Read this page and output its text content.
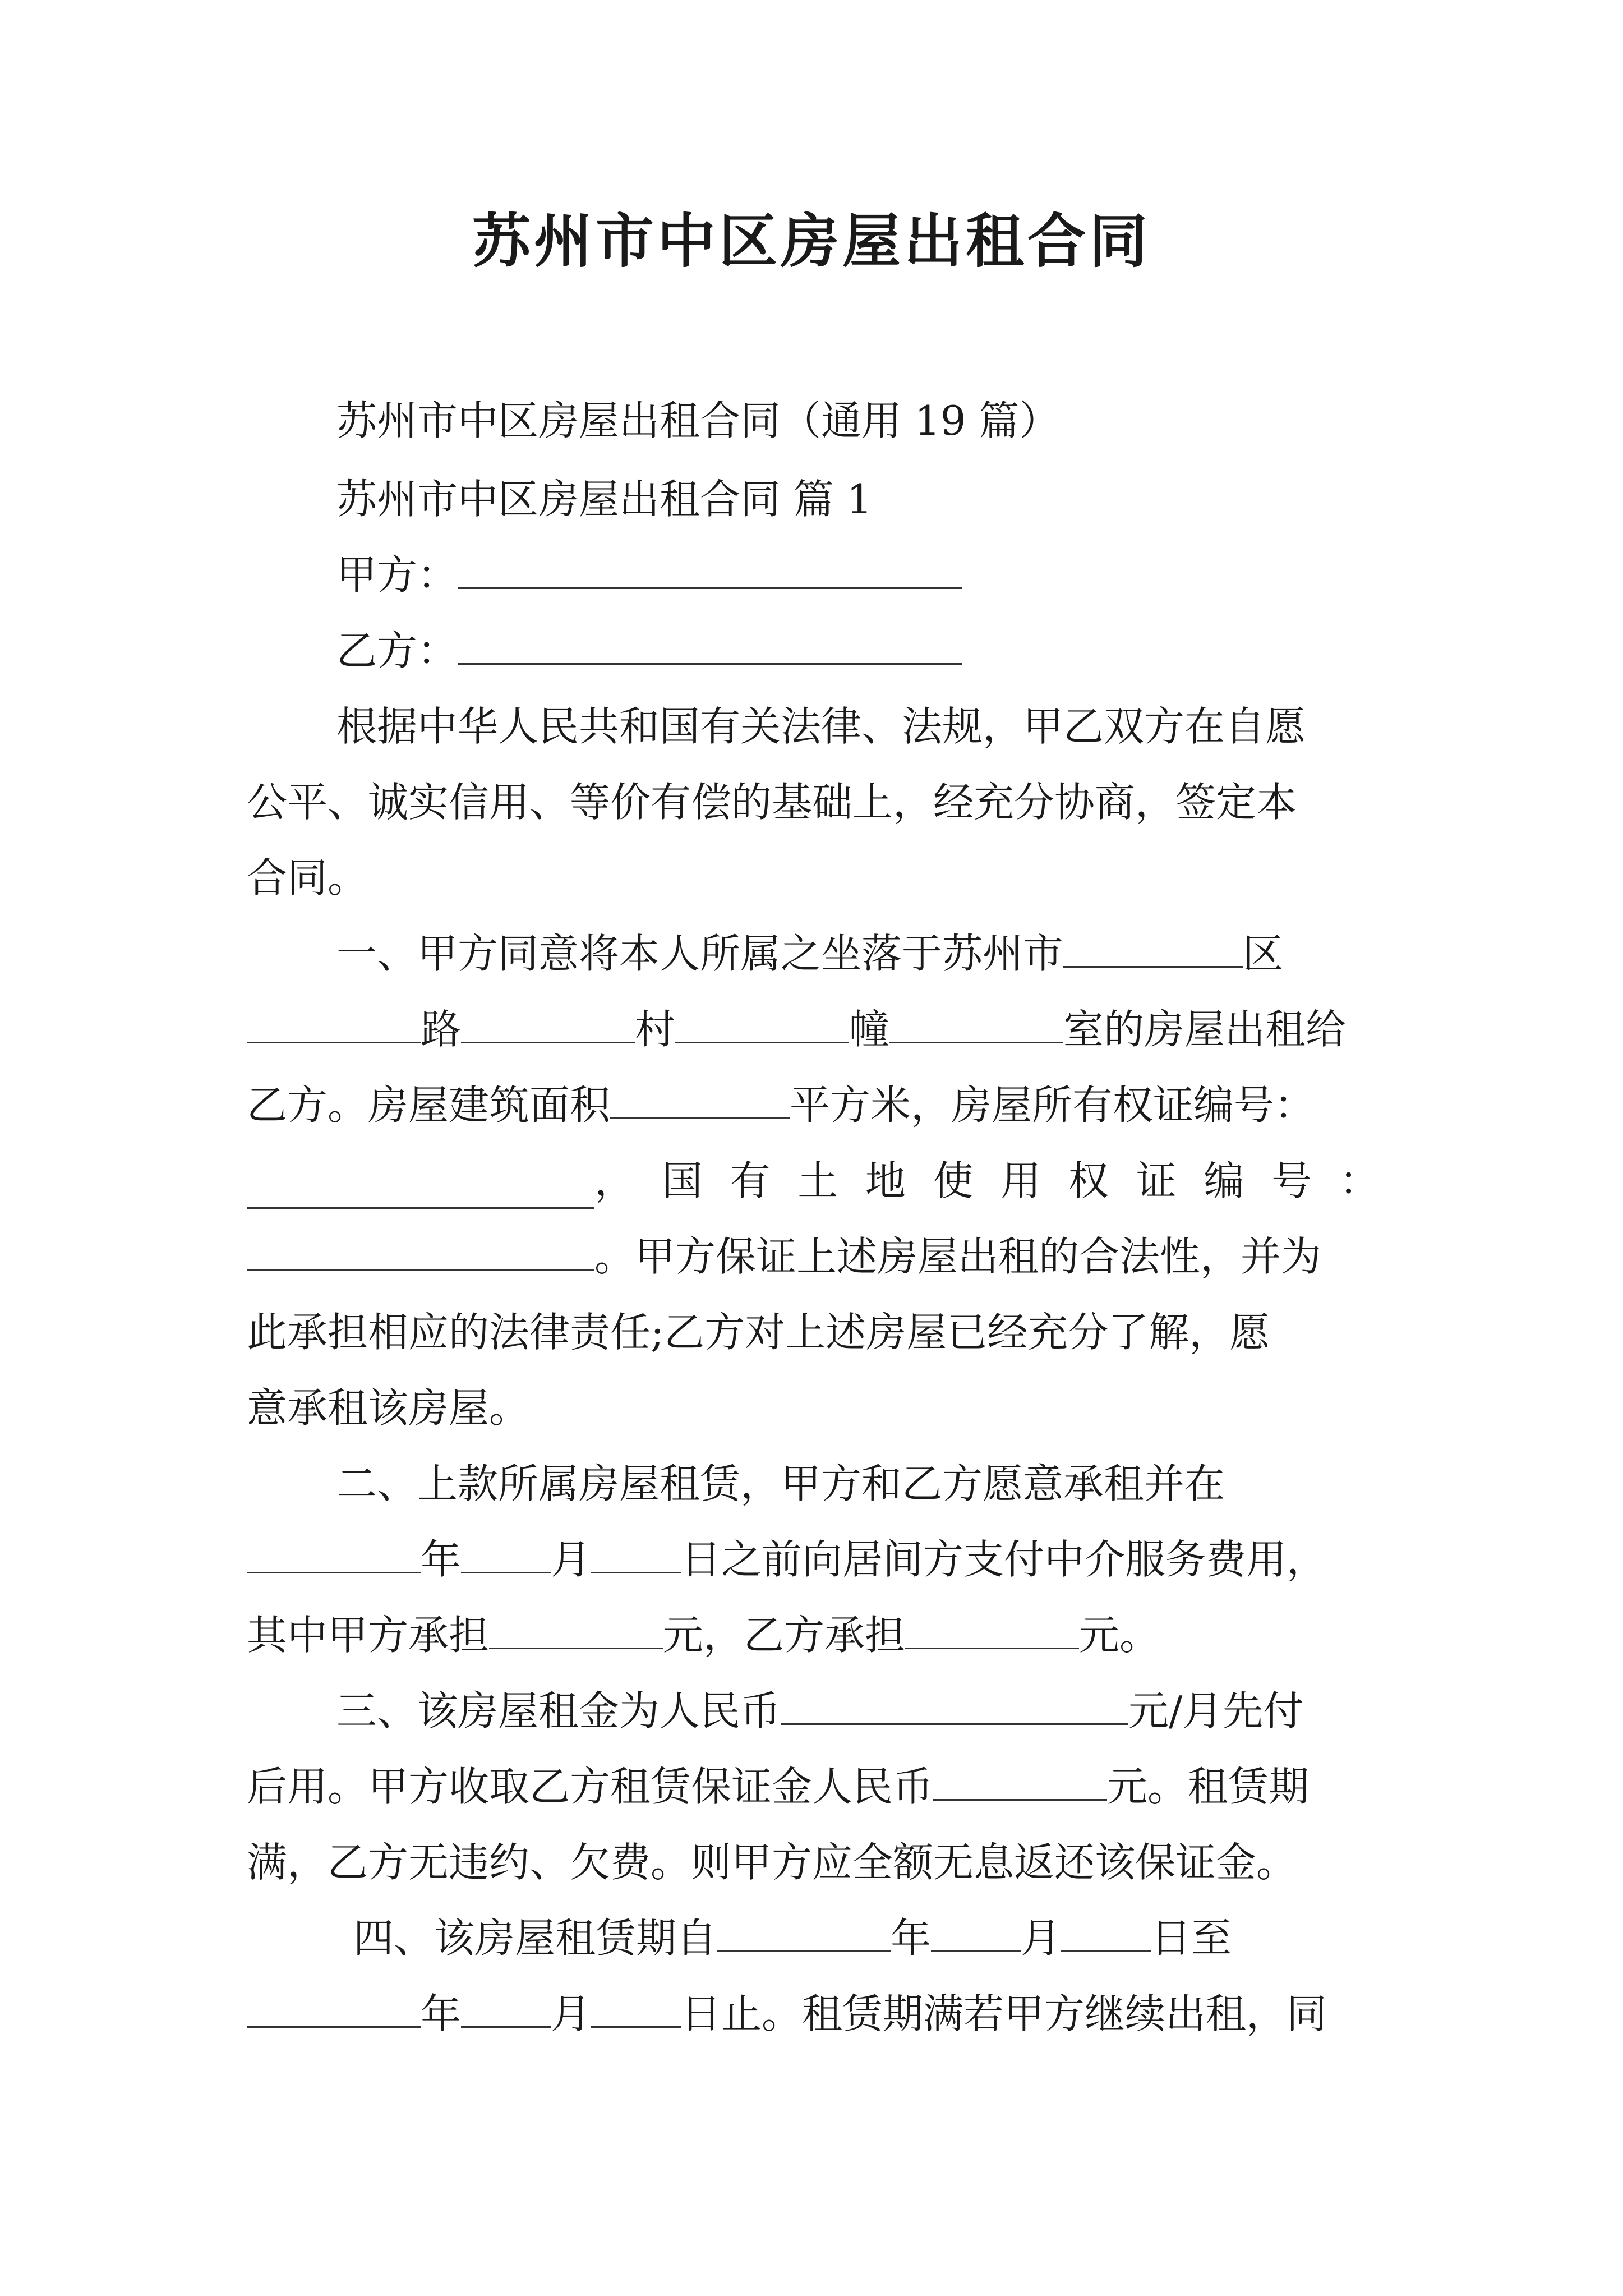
苏州市中区房屋出租合同
苏州市中区房屋出租合同（通用 19 篇）
苏州市中区房屋出租合同 篇 1
甲方：
乙方：
根据中华人民共和国有关法律、法规，甲乙双方在自愿
公平、诚实信用、等价有偿的基础上，经充分协商，签定本
合同。
一、甲方同意将本人所属之坐落于苏州市	区
路	村	幢	室的房屋出租给
乙方。房屋建筑面积	平方米，房屋所有权证编号：
， 国 有 土 地 使 用 权 证 编 号 ：
。甲方保证上述房屋出租的合法性，并为
此承担相应的法律责任;乙方对上述房屋已经充分了解，愿
意承租该房屋。
二、上款所属房屋租赁，甲方和乙方愿意承租并在
年 月 日之前向居间方支付中介服务费用，
其中甲方承担	元，乙方承担	元。
三、该房屋租金为人民币	元/月先付
后用。甲方收取乙方租赁保证金人民币	元。租赁期
满，乙方无违约、欠费。则甲方应全额无息返还该保证金。
四、该房屋租赁期自	年 月 日至
年 月 日止。租赁期满若甲方继续出租，同
